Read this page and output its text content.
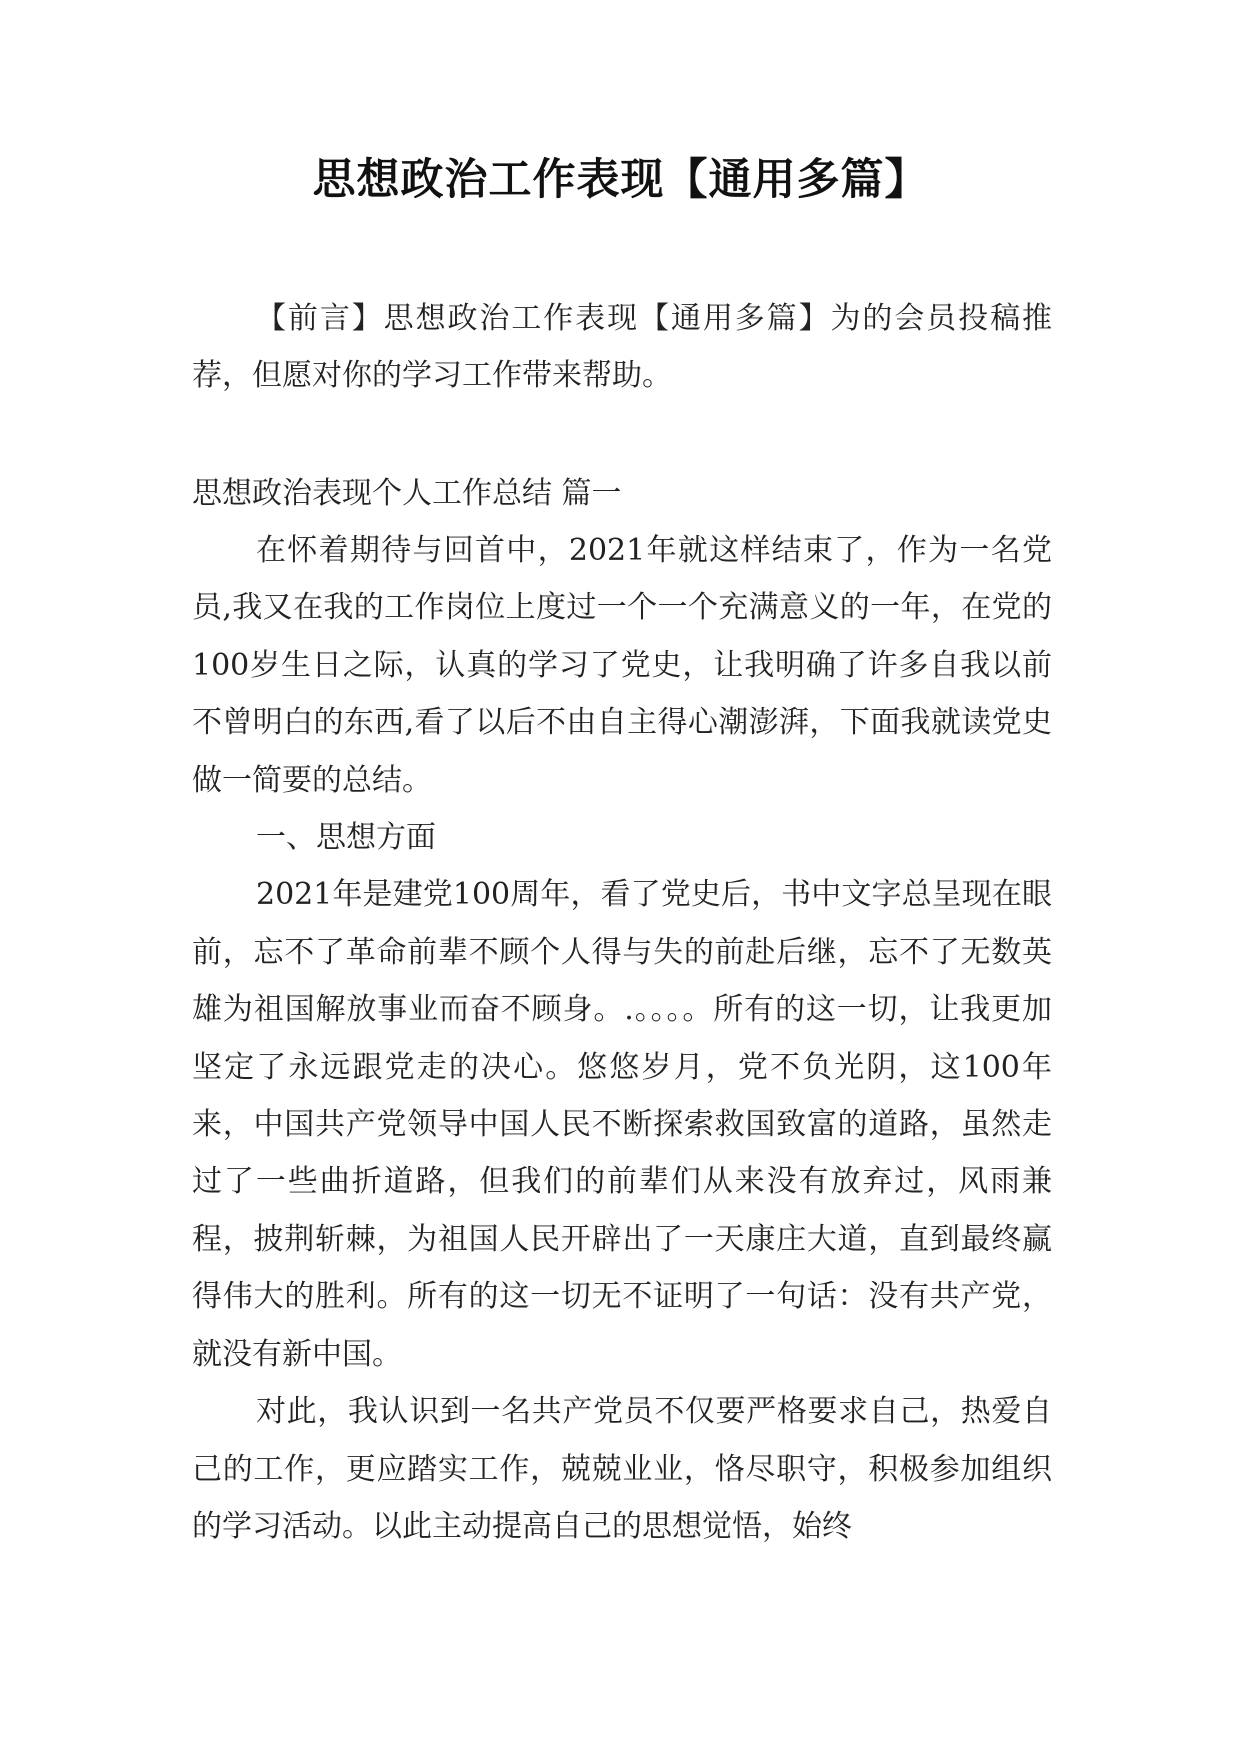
思想政治工作表现【通用多篇】
【前言】思想政治工作表现【通用多篇】为的会员投稿推荐，但愿对你的学习工作带来帮助。
思想政治表现个人工作总结 篇一

在怀着期待与回首中，2021年就这样结束了，作为一名党员,我又在我的工作岗位上度过一个一个充满意义的一年，在党的100岁生日之际，认真的学习了党史，让我明确了许多自我以前不曾明白的东西,看了以后不由自主得心潮澎湃，下面我就读党史做一简要的总结。

一、思想方面

2021年是建党100周年，看了党史后，书中文字总呈现在眼前，忘不了革命前辈不顾个人得与失的前赴后继，忘不了无数英雄为祖国解放事业而奋不顾身。.。。。。所有的这一切，让我更加坚定了永远跟党走的决心。悠悠岁月，党不负光阴，这100年来，中国共产党领导中国人民不断探索救国致富的道路，虽然走过了一些曲折道路，但我们的前辈们从来没有放弃过，风雨兼程，披荆斩棘，为祖国人民开辟出了一天康庄大道，直到最终赢得伟大的胜利。所有的这一切无不证明了一句话：没有共产党，就没有新中国。

对此，我认识到一名共产党员不仅要严格要求自己，热爱自己的工作，更应踏实工作，兢兢业业，恪尽职守，积极参加组织的学习活动。以此主动提高自己的思想觉悟，始终
